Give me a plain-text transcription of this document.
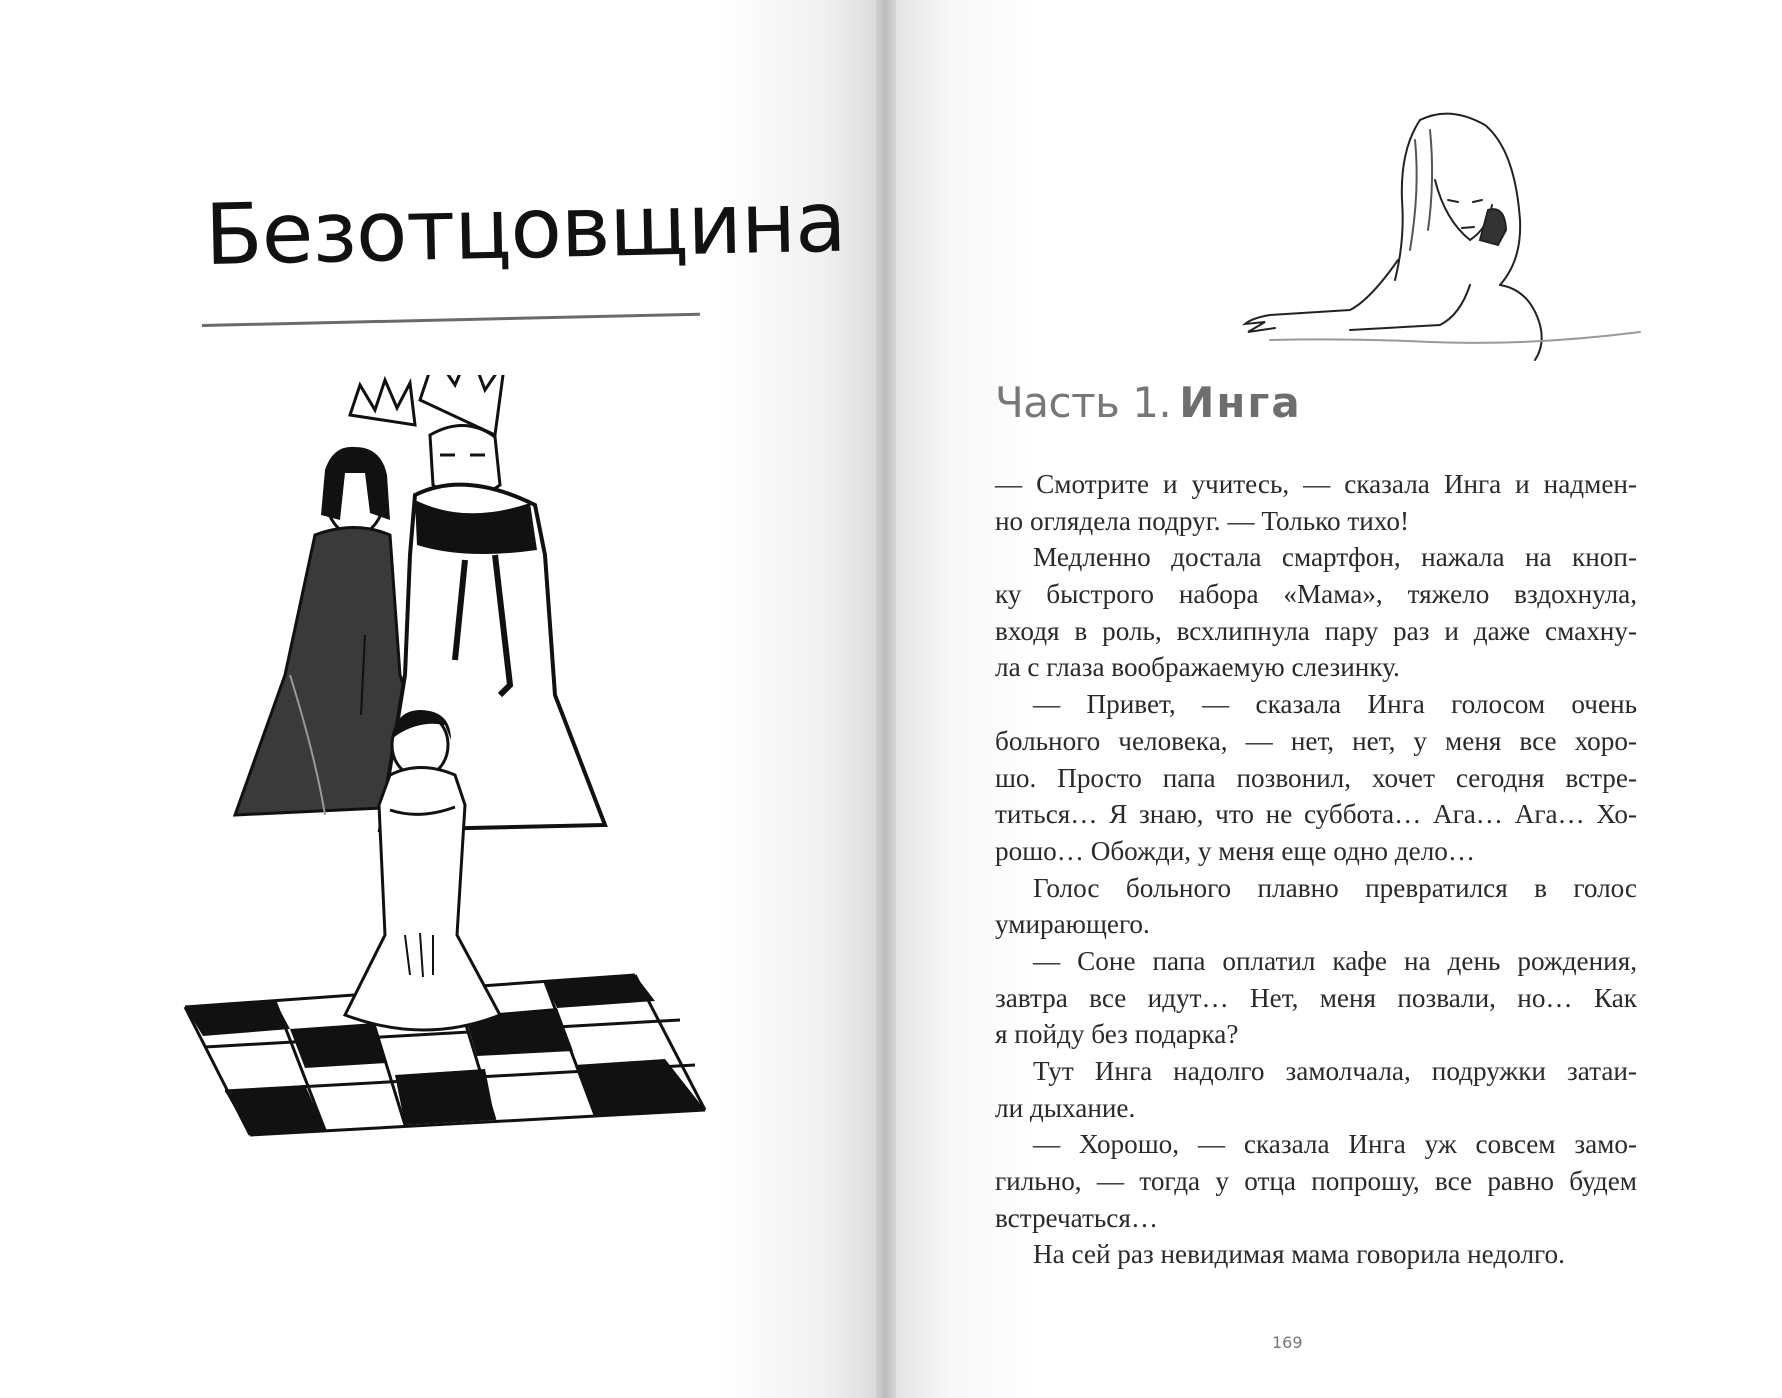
Безотцовщина
Часть 1. Инга
— Смотрите и учитесь, — сказала Инга и надмен-
но оглядела подруг. — Только тихо!
Медленно достала смартфон, нажала на кноп-
ку быстрого набора «Мама», тяжело вздохнула,
входя в роль, всхлипнула пару раз и даже смахну-
ла с глаза воображаемую слезинку.
— Привет, — сказала Инга голосом очень
больного человека, — нет, нет, у меня все хоро-
шо. Просто папа позвонил, хочет сегодня встре-
титься… Я знаю, что не суббота… Ага… Ага… Хо-
рошо… Обожди, у меня еще одно дело…
Голос больного плавно превратился в голос
умирающего.
— Соне папа оплатил кафе на день рождения,
завтра все идут… Нет, меня позвали, но… Как
я пойду без подарка?
Тут Инга надолго замолчала, подружки затаи-
ли дыхание.
— Хорошо, — сказала Инга уж совсем замо-
гильно, — тогда у отца попрошу, все равно будем
встречаться…
На сей раз невидимая мама говорила недолго.
169
